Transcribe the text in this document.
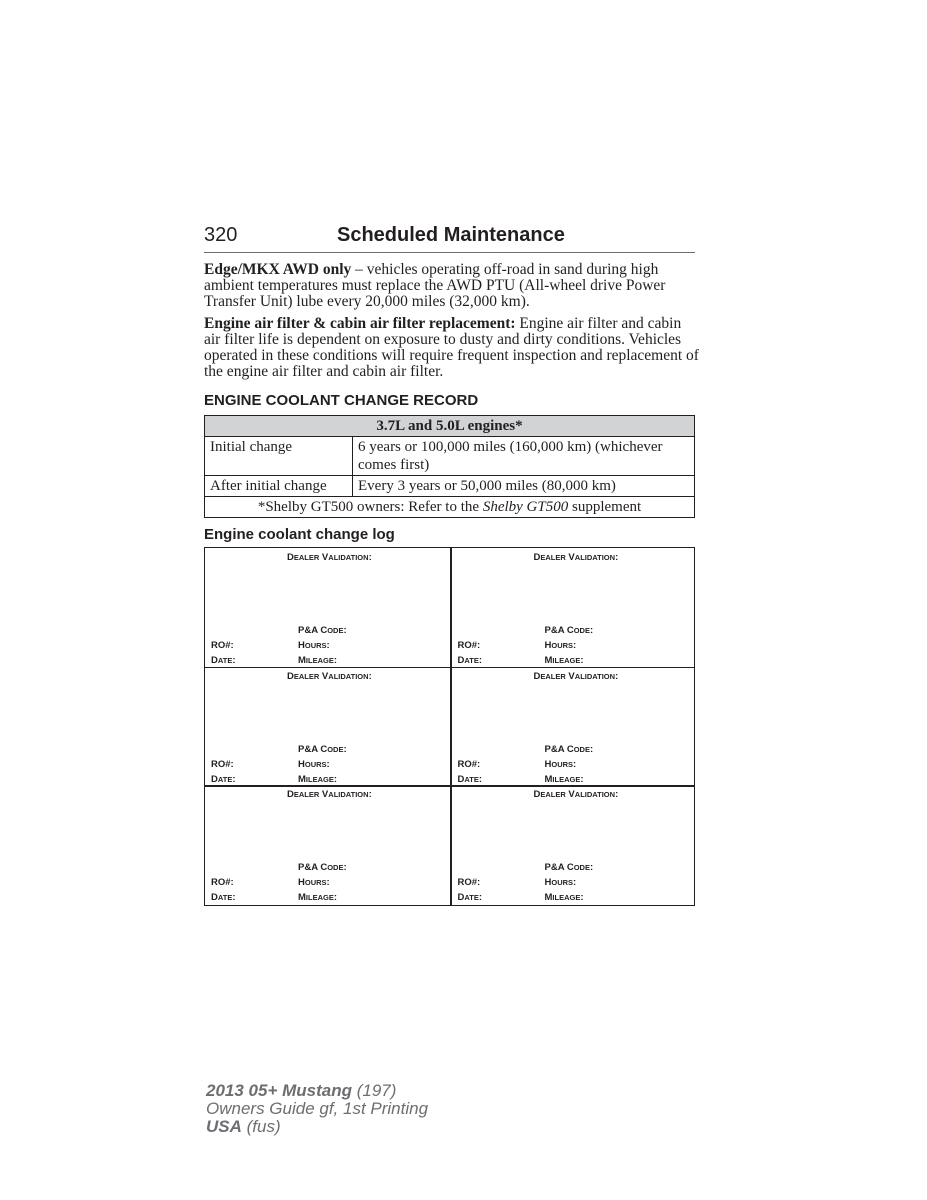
320	Scheduled Maintenance
Edge/MKX AWD only – vehicles operating off-road in sand during high ambient temperatures must replace the AWD PTU (All-wheel drive Power Transfer Unit) lube every 20,000 miles (32,000 km).
Engine air filter & cabin air filter replacement: Engine air filter and cabin air filter life is dependent on exposure to dusty and dirty conditions. Vehicles operated in these conditions will require frequent inspection and replacement of the engine air filter and cabin air filter.
ENGINE COOLANT CHANGE RECORD
3.7L and 5.0L engines*	
Initial change	6 years or 100,000 miles (160,000 km) (whichever comes first)
After initial change	Every 3 years or 50,000 miles (80,000 km)
*Shelby GT500 owners: Refer to the Shelby GT500 supplement	
Engine coolant change log
DEALER VALIDATION:
P&A CODE:
RO#:	HOURS:
DATE:	MILEAGE:
DEALER VALIDATION:
P&A CODE:
RO#:	HOURS:
DATE:	MILEAGE:
DEALER VALIDATION:
P&A CODE:
RO#:	HOURS:
DATE:	MILEAGE:
DEALER VALIDATION:
P&A CODE:
RO#:	HOURS:
DATE:	MILEAGE:
DEALER VALIDATION:
P&A CODE:
RO#:	HOURS:
DATE:	MILEAGE:
DEALER VALIDATION:
P&A CODE:
RO#:	HOURS:
DATE:	MILEAGE:
2013 05+ Mustang (197)
Owners Guide gf, 1st Printing
USA (fus)
